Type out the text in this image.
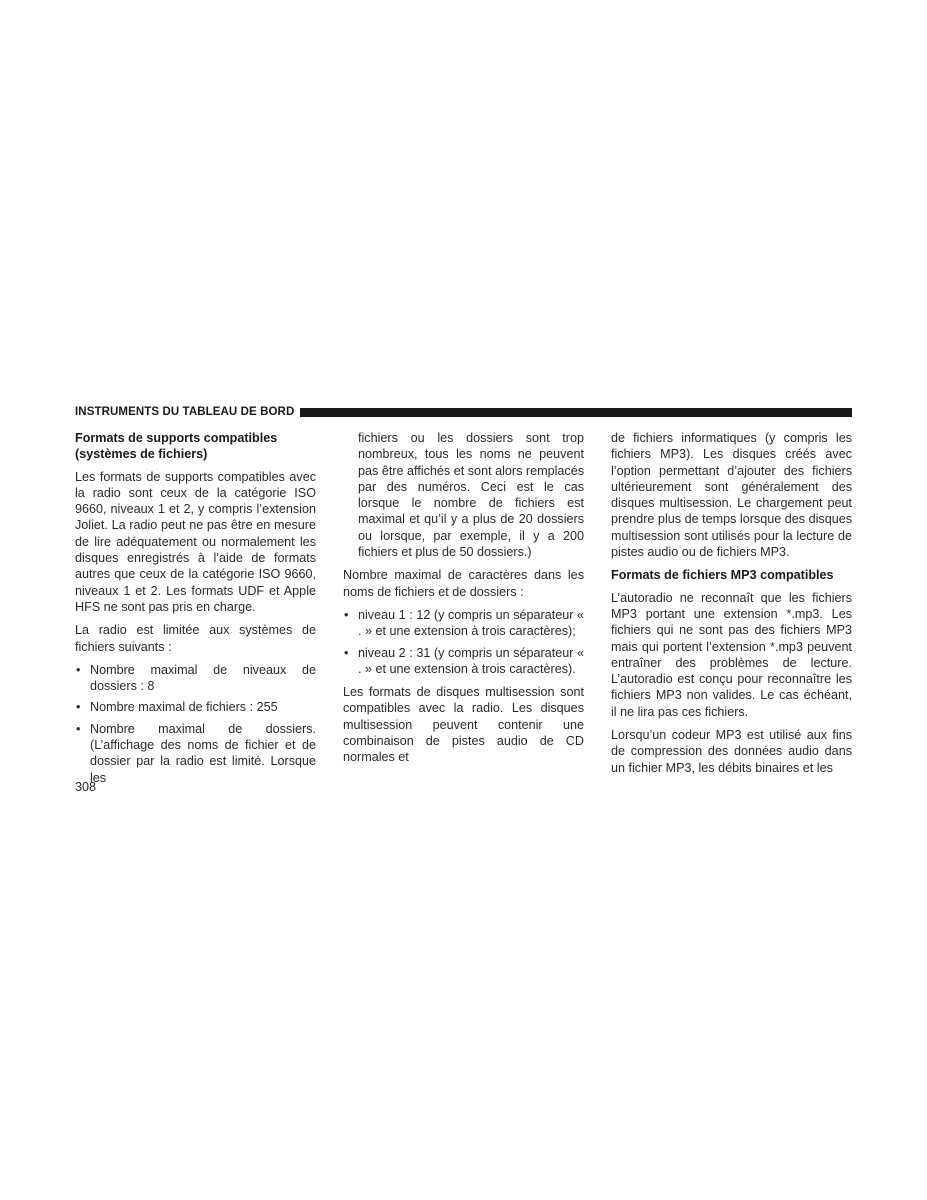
INSTRUMENTS DU TABLEAU DE BORD
Formats de supports compatibles (systèmes de fichiers)

Les formats de supports compatibles avec la radio sont ceux de la catégorie ISO 9660, niveaux 1 et 2, y compris l’extension Joliet. La radio peut ne pas être en mesure de lire adéquatement ou normalement les disques enregistrés à l’aide de formats autres que ceux de la catégorie ISO 9660, niveaux 1 et 2. Les formats UDF et Apple HFS ne sont pas pris en charge.

La radio est limitée aux systèmes de fichiers suivants :

• Nombre maximal de niveaux de dossiers : 8
• Nombre maximal de fichiers : 255
• Nombre maximal de dossiers. (L’affichage des noms de fichier et de dossier par la radio est limité. Lorsque les

fichiers ou les dossiers sont trop nombreux, tous les noms ne peuvent pas être affichés et sont alors remplacés par des numéros. Ceci est le cas lorsque le nombre de fichiers est maximal et qu’il y a plus de 20 dossiers ou lorsque, par exemple, il y a 200 fichiers et plus de 50 dossiers.)

Nombre maximal de caractères dans les noms de fichiers et de dossiers :

• niveau 1 : 12 (y compris un séparateur « . » et une extension à trois caractères);
• niveau 2 : 31 (y compris un séparateur « . » et une extension à trois caractères).

Les formats de disques multisession sont compatibles avec la radio. Les disques multisession peuvent contenir une combinaison de pistes audio de CD normales et

de fichiers informatiques (y compris les fichiers MP3). Les disques créés avec l’option permettant d’ajouter des fichiers ultérieurement sont généralement des disques multisession. Le chargement peut prendre plus de temps lorsque des disques multisession sont utilisés pour la lecture de pistes audio ou de fichiers MP3.

Formats de fichiers MP3 compatibles

L’autoradio ne reconnaît que les fichiers MP3 portant une extension *.mp3. Les fichiers qui ne sont pas des fichiers MP3 mais qui portent l’extension *.mp3 peuvent entraîner des problèmes de lecture. L’autoradio est conçu pour reconnaître les fichiers MP3 non valides. Le cas échéant, il ne lira pas ces fichiers.

Lorsqu’un codeur MP3 est utilisé aux fins de compression des données audio dans un fichier MP3, les débits binaires et les

308
